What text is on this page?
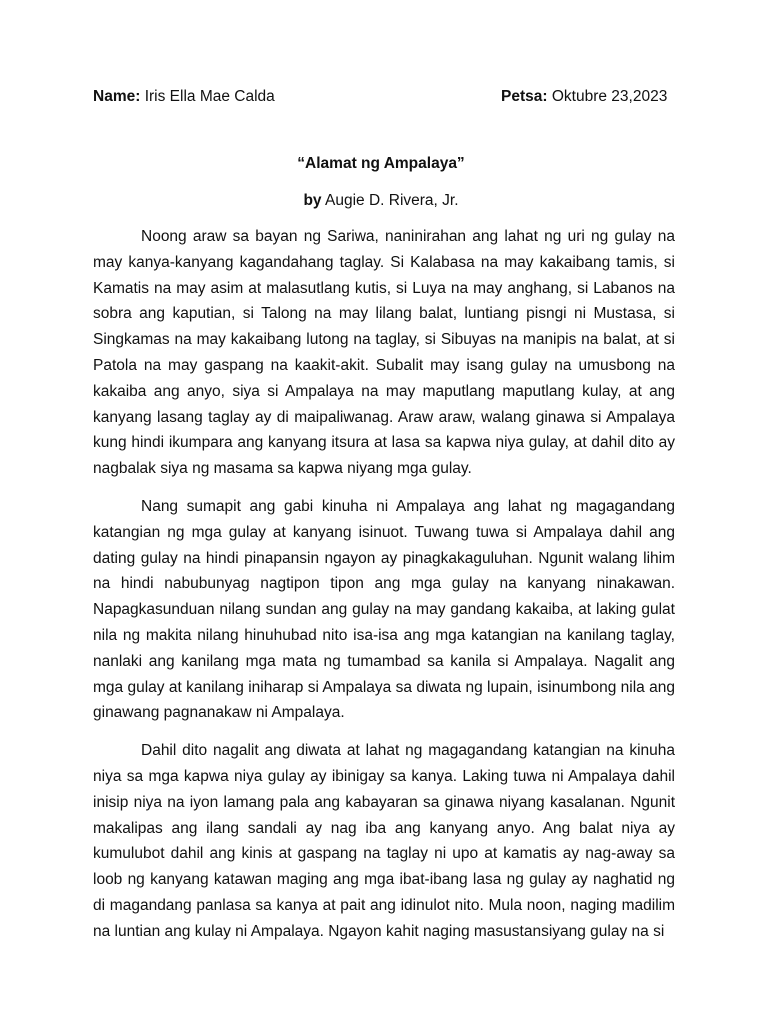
Name: Iris Ella Mae Calda	Petsa: Oktubre 23,2023
“Alamat ng Ampalaya”
by Augie D. Rivera, Jr.

Noong araw sa bayan ng Sariwa, naninirahan ang lahat ng uri ng gulay na may kanya-kanyang kagandahang taglay. Si Kalabasa na may kakaibang tamis, si Kamatis na may asim at malasutlang kutis, si Luya na may anghang, si Labanos na sobra ang kaputian, si Talong na may lilang balat, luntiang pisngi ni Mustasa, si Singkamas na may kakaibang lutong na taglay, si Sibuyas na manipis na balat, at si Patola na may gaspang na kaakit-akit. Subalit may isang gulay na umusbong na kakaiba ang anyo, siya si Ampalaya na may maputlang maputlang kulay, at ang kanyang lasang taglay ay di maipaliwanag. Araw araw, walang ginawa si Ampalaya kung hindi ikumpara ang kanyang itsura at lasa sa kapwa niya gulay, at dahil dito ay nagbalak siya ng masama sa kapwa niyang mga gulay.

Nang sumapit ang gabi kinuha ni Ampalaya ang lahat ng magagandang katangian ng mga gulay at kanyang isinuot. Tuwang tuwa si Ampalaya dahil ang dating gulay na hindi pinapansin ngayon ay pinagkakaguluhan. Ngunit walang lihim na hindi nabubunyag nagtipon tipon ang mga gulay na kanyang ninakawan. Napagkasunduan nilang sundan ang gulay na may gandang kakaiba, at laking gulat nila ng makita nilang hinuhubad nito isa-isa ang mga katangian na kanilang taglay, nanlaki ang kanilang mga mata ng tumambad sa kanila si Ampalaya. Nagalit ang mga gulay at kanilang iniharap si Ampalaya sa diwata ng lupain, isinumbong nila ang ginawang pagnanakaw ni Ampalaya.

Dahil dito nagalit ang diwata at lahat ng magagandang katangian na kinuha niya sa mga kapwa niya gulay ay ibinigay sa kanya. Laking tuwa ni Ampalaya dahil inisip niya na iyon lamang pala ang kabayaran sa ginawa niyang kasalanan. Ngunit makalipas ang ilang sandali ay nag iba ang kanyang anyo. Ang balat niya ay kumulubot dahil ang kinis at gaspang na taglay ni upo at kamatis ay nag-away sa loob ng kanyang katawan maging ang mga ibat-ibang lasa ng gulay ay naghatid ng di magandang panlasa sa kanya at pait ang idinulot nito. Mula noon, naging madilim na luntian ang kulay ni Ampalaya. Ngayon kahit naging masustansiyang gulay na si
